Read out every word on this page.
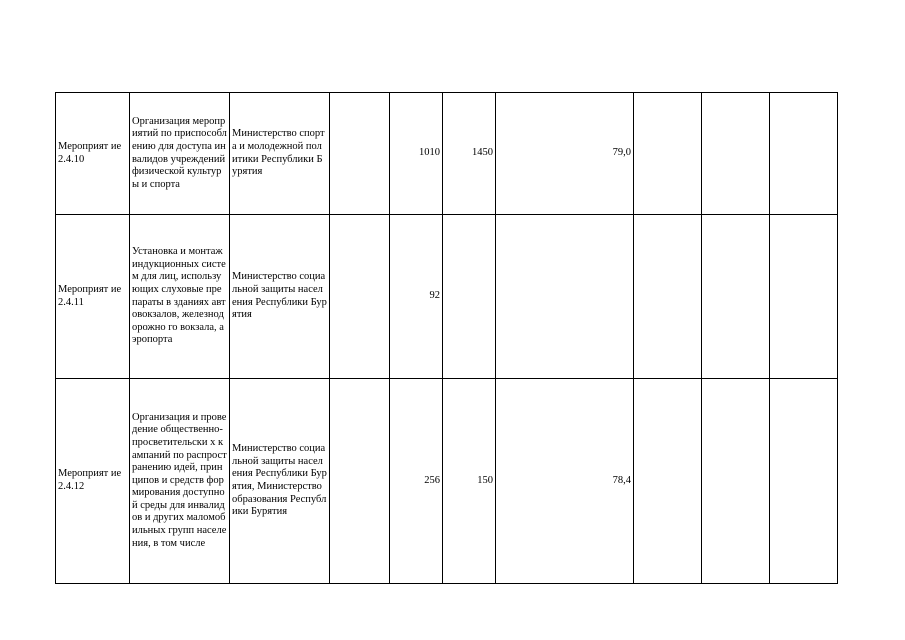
Мероприят ие 2.4.10	Организация мероприятий по приспособлению для доступа инвалидов учреждений физической культуры и спорта	Министерство спорта и молодежной политики Республики Бурятия		1010	1450	79,0			

Мероприят ие 2.4.11	Установка и монтаж индукционных систем для лиц, использующих слуховые препараты в зданиях автовокзалов, железнодорожно го вокзала, аэропорта	Министерство социальной защиты населения Республики Бурятия		92					

Мероприят ие 2.4.12	Организация и проведение общественно-просветительски х кампаний по распространению идей, принципов и средств формирования доступной среды для инвалидов и других маломобильных групп населения, в том числе	Министерство социальной защиты населения Республики Бурятия, Министерство образования Республики Бурятия		256	150	78,4			
